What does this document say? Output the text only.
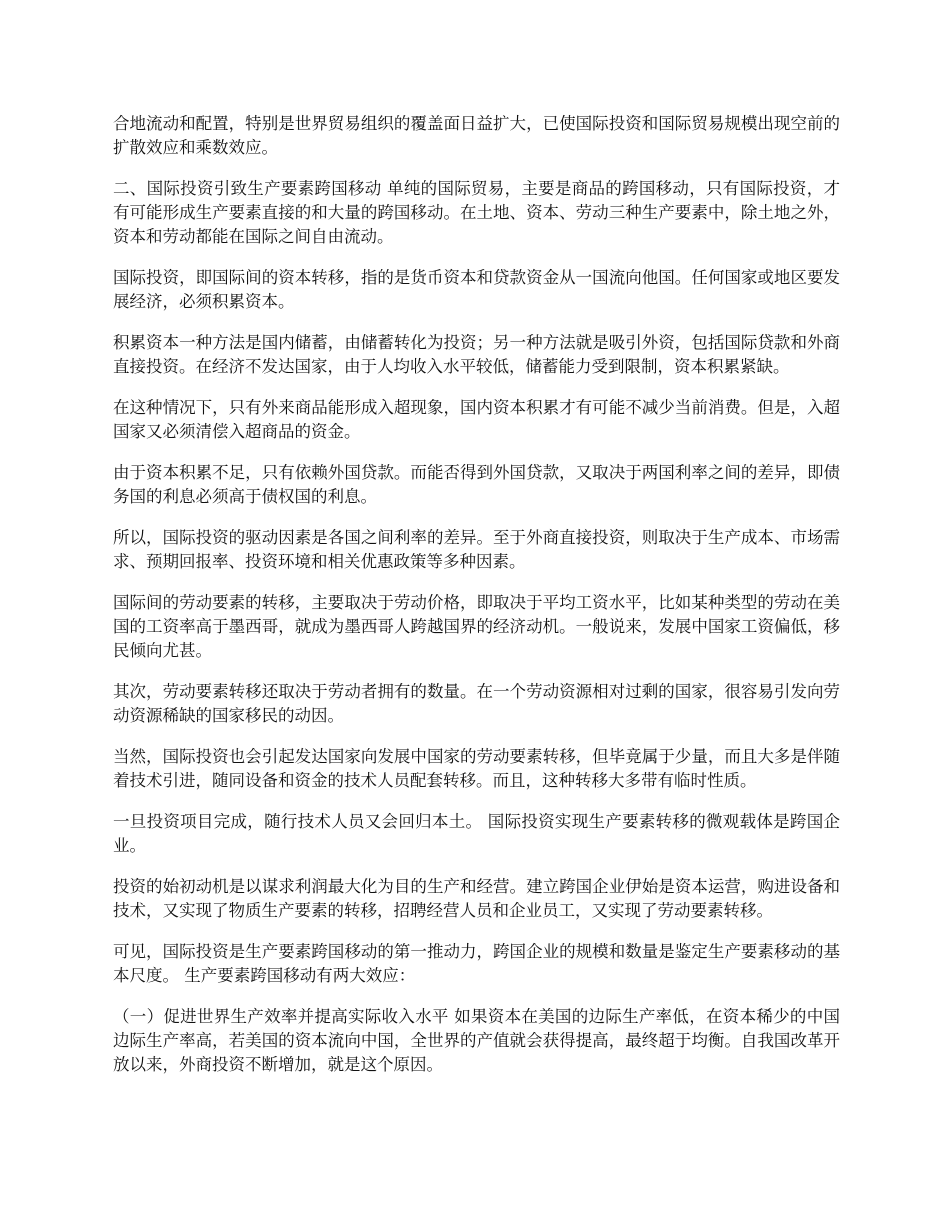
合地流动和配置，特别是世界贸易组织的覆盖面日益扩大，已使国际投资和国际贸易规模出现空前的扩散效应和乘数效应。

二、国际投资引致生产要素跨国移动 单纯的国际贸易，主要是商品的跨国移动，只有国际投资，才有可能形成生产要素直接的和大量的跨国移动。在土地、资本、劳动三种生产要素中，除土地之外，资本和劳动都能在国际之间自由流动。

国际投资，即国际间的资本转移，指的是货币资本和贷款资金从一国流向他国。任何国家或地区要发展经济，必须积累资本。

积累资本一种方法是国内储蓄，由储蓄转化为投资；另一种方法就是吸引外资，包括国际贷款和外商直接投资。在经济不发达国家，由于人均收入水平较低，储蓄能力受到限制，资本积累紧缺。

在这种情况下，只有外来商品能形成入超现象，国内资本积累才有可能不减少当前消费。但是，入超国家又必须清偿入超商品的资金。

由于资本积累不足，只有依赖外国贷款。而能否得到外国贷款，又取决于两国利率之间的差异，即债务国的利息必须高于债权国的利息。

所以，国际投资的驱动因素是各国之间利率的差异。至于外商直接投资，则取决于生产成本、市场需求、预期回报率、投资环境和相关优惠政策等多种因素。

国际间的劳动要素的转移，主要取决于劳动价格，即取决于平均工资水平，比如某种类型的劳动在美国的工资率高于墨西哥，就成为墨西哥人跨越国界的经济动机。一般说来，发展中国家工资偏低，移民倾向尤甚。

其次，劳动要素转移还取决于劳动者拥有的数量。在一个劳动资源相对过剩的国家，很容易引发向劳动资源稀缺的国家移民的动因。

当然，国际投资也会引起发达国家向发展中国家的劳动要素转移，但毕竟属于少量，而且大多是伴随着技术引进，随同设备和资金的技术人员配套转移。而且，这种转移大多带有临时性质。

一旦投资项目完成，随行技术人员又会回归本土。 国际投资实现生产要素转移的微观载体是跨国企业。

投资的始初动机是以谋求利润最大化为目的生产和经营。建立跨国企业伊始是资本运营，购进设备和技术，又实现了物质生产要素的转移，招聘经营人员和企业员工，又实现了劳动要素转移。

可见，国际投资是生产要素跨国移动的第一推动力，跨国企业的规模和数量是鉴定生产要素移动的基本尺度。 生产要素跨国移动有两大效应：

（一）促进世界生产效率并提高实际收入水平 如果资本在美国的边际生产率低，在资本稀少的中国边际生产率高，若美国的资本流向中国，全世界的产值就会获得提高，最终超于均衡。自我国改革开放以来，外商投资不断增加，就是这个原因。
